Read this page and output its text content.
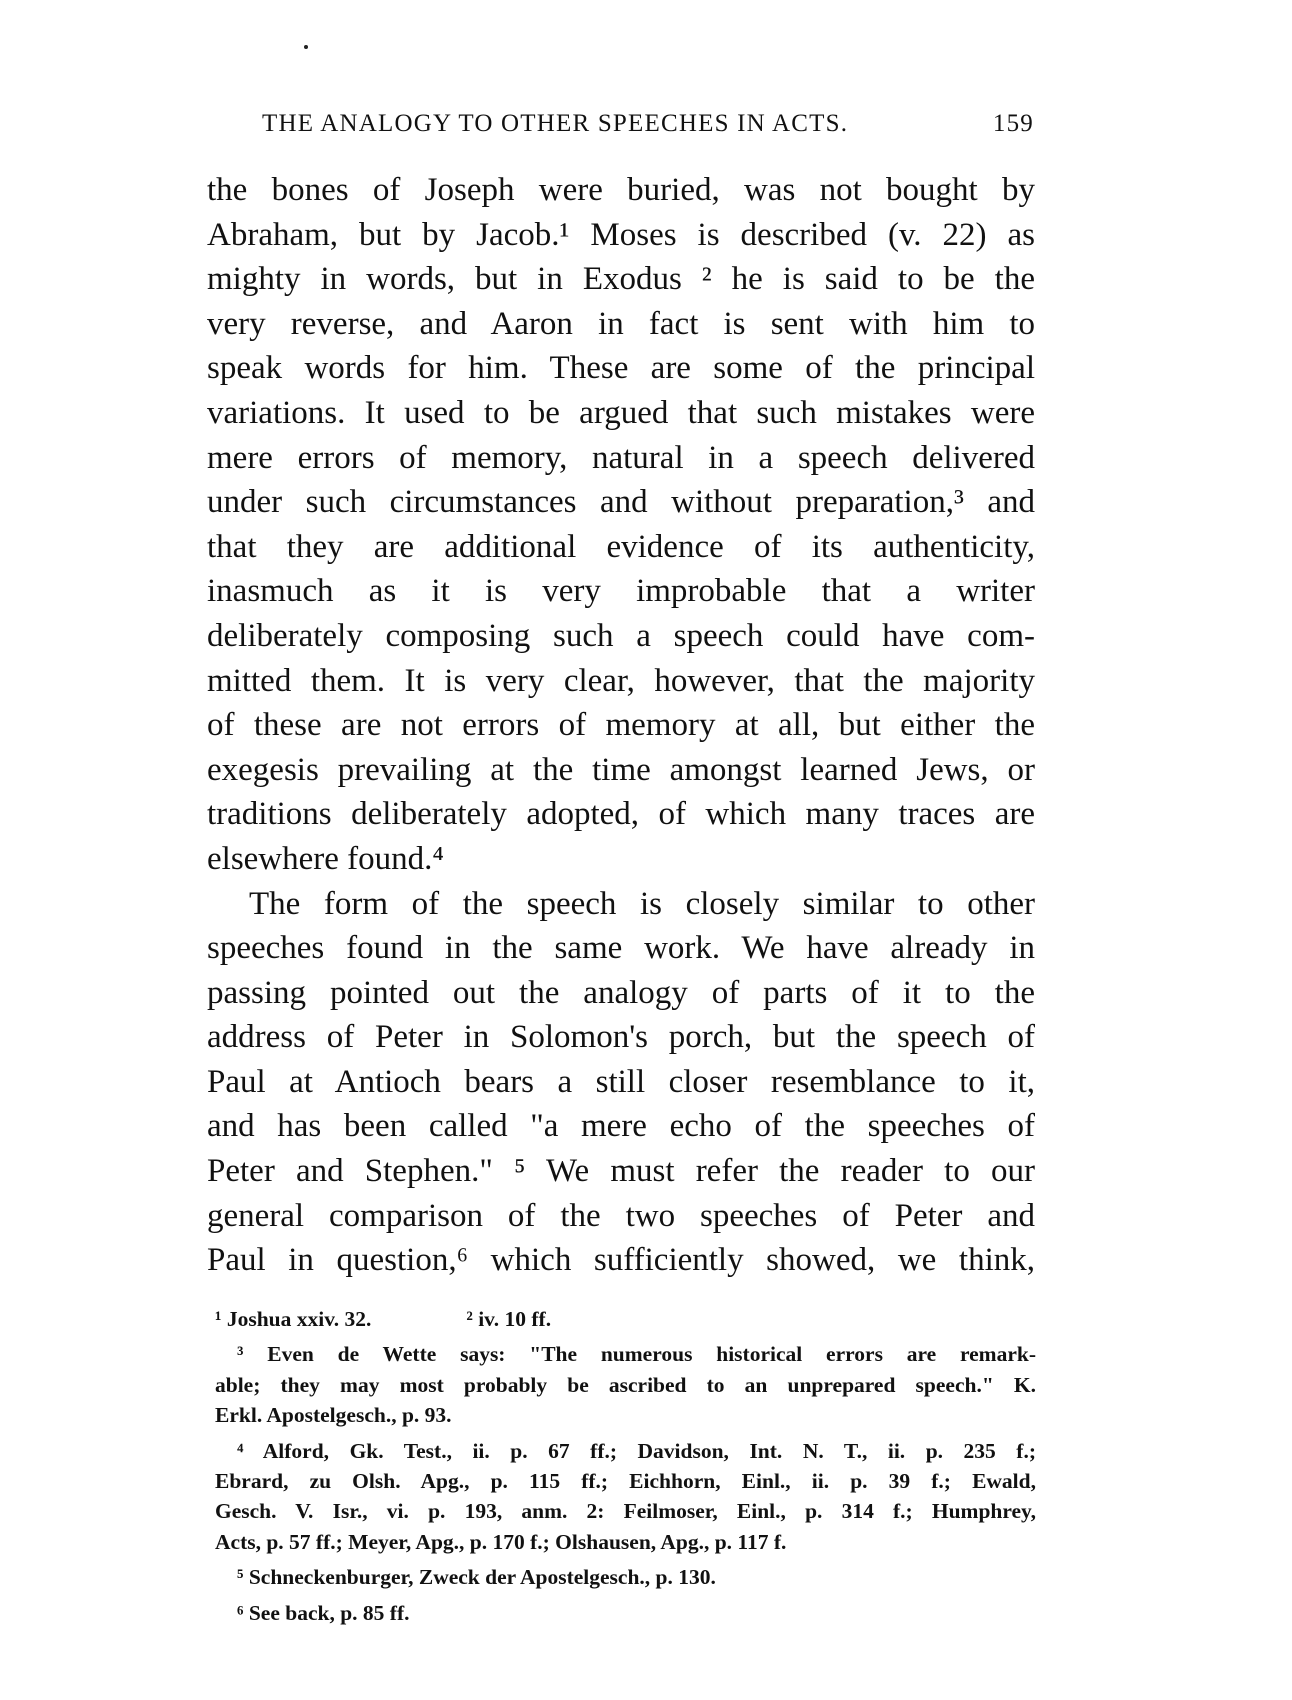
THE ANALOGY TO OTHER SPEECHES IN ACTS.	159
the bones of Joseph were buried, was not bought by
Abraham, but by Jacob.¹ Moses is described (v. 22) as
mighty in words, but in Exodus ² he is said to be the
very reverse, and Aaron in fact is sent with him to
speak words for him. These are some of the principal
variations. It used to be argued that such mistakes were
mere errors of memory, natural in a speech delivered
under such circumstances and without preparation,³ and
that they are additional evidence of its authenticity,
inasmuch as it is very improbable that a writer
deliberately composing such a speech could have com-
mitted them. It is very clear, however, that the majority
of these are not errors of memory at all, but either the
exegesis prevailing at the time amongst learned Jews, or
traditions deliberately adopted, of which many traces are
elsewhere found.⁴
The form of the speech is closely similar to other
speeches found in the same work. We have already in
passing pointed out the analogy of parts of it to the
address of Peter in Solomon's porch, but the speech of
Paul at Antioch bears a still closer resemblance to it,
and has been called "a mere echo of the speeches of
Peter and Stephen." ⁵ We must refer the reader to our
general comparison of the two speeches of Peter and
Paul in question,⁶ which sufficiently showed, we think,
¹ Joshua xxiv. 32.	² iv. 10 ff.
³ Even de Wette says: "The numerous historical errors are remark-
able; they may most probably be ascribed to an unprepared speech." K.
Erkl. Apostelgesch., p. 93.
⁴ Alford, Gk. Test., ii. p. 67 ff.; Davidson, Int. N. T., ii. p. 235 f.;
Ebrard, zu Olsh. Apg., p. 115 ff.; Eichhorn, Einl., ii. p. 39 f.; Ewald,
Gesch. V. Isr., vi. p. 193, anm. 2: Feilmoser, Einl., p. 314 f.; Humphrey,
Acts, p. 57 ff.; Meyer, Apg., p. 170 f.; Olshausen, Apg., p. 117 f.
⁵ Schneckenburger, Zweck der Apostelgesch., p. 130.
⁶ See back, p. 85 ff.
